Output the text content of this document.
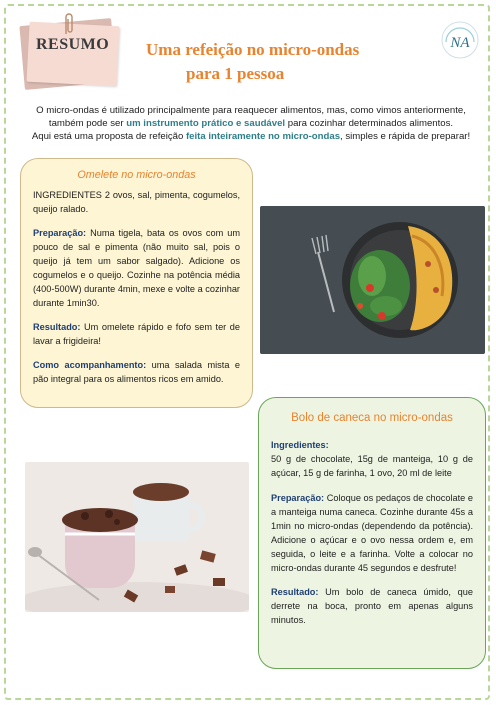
RESUMO	Uma refeição no micro-ondas
para 1 pessoa
NA
O micro-ondas é utilizado principalmente para reaquecer alimentos, mas, como vimos anteriormente, também pode ser um instrumento prático e saudável para cozinhar determinados alimentos.
Aqui está uma proposta de refeição feita inteiramente no micro-ondas, simples e rápida de preparar!
Omelete no micro-ondas

INGREDIENTES 2 ovos, sal, pimenta, cogumelos, queijo ralado.

Preparação: Numa tigela, bata os ovos com um pouco de sal e pimenta (não muito sal, pois o queijo já tem um sabor salgado). Adicione os cogumelos e o queijo. Cozinhe na potência média (400-500W) durante 4min, mexe e volte a cozinhar durante 1min30.

Resultado: Um omelete rápido e fofo sem ter de lavar a frigideira!

Como acompanhamento: uma salada mista e pão integral para os alimentos ricos em amido.

Bolo de caneca no micro-ondas

Ingredientes:
50 g de chocolate, 15g de manteiga, 10 g de açúcar, 15 g de farinha, 1 ovo, 20 ml de leite

Preparação: Coloque os pedaços de chocolate e a manteiga numa caneca. Cozinhe durante 45s a 1min no micro-ondas (dependendo da potência). Adicione o açúcar e o ovo nessa ordem e, em seguida, o leite e a farinha. Volte a colocar no micro-ondas durante 45 segundos e desfrute!

Resultado: Um bolo de caneca úmido, que derrete na boca, pronto em apenas alguns minutos.
